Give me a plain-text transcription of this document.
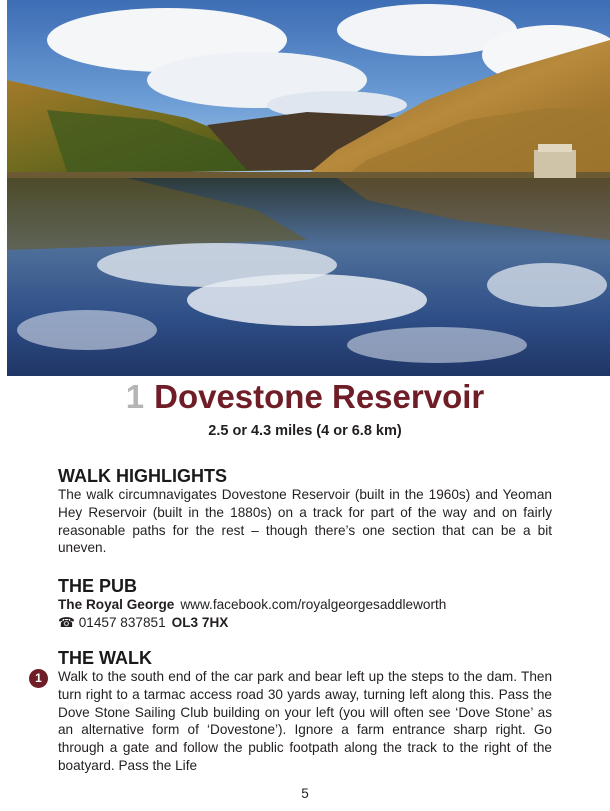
1 Dovestone Reservoir
2.5 or 4.3 miles (4 or 6.8 km)
WALK HIGHLIGHTS

The walk circumnavigates Dovestone Reservoir (built in the 1960s) and Yeoman Hey Reservoir (built in the 1880s) on a track for part of the way and on fairly reasonable paths for the rest – though there’s one section that can be a bit uneven.

THE PUB
The Royal George www.facebook.com/royalgeorgesaddleworth
☎ 01457 837851 OL3 7HX
THE WALK

Walk to the south end of the car park and bear left up the steps to the dam. Then turn right to a tarmac access road 30 yards away, turning left along this. Pass the Dove Stone Sailing Club building on your left (you will often see ‘Dove Stone’ as an alternative form of ‘Dovestone’). Ignore a farm entrance sharp right. Go through a gate and follow the public footpath along the track to the right of the boatyard. Pass the Life

1
5
